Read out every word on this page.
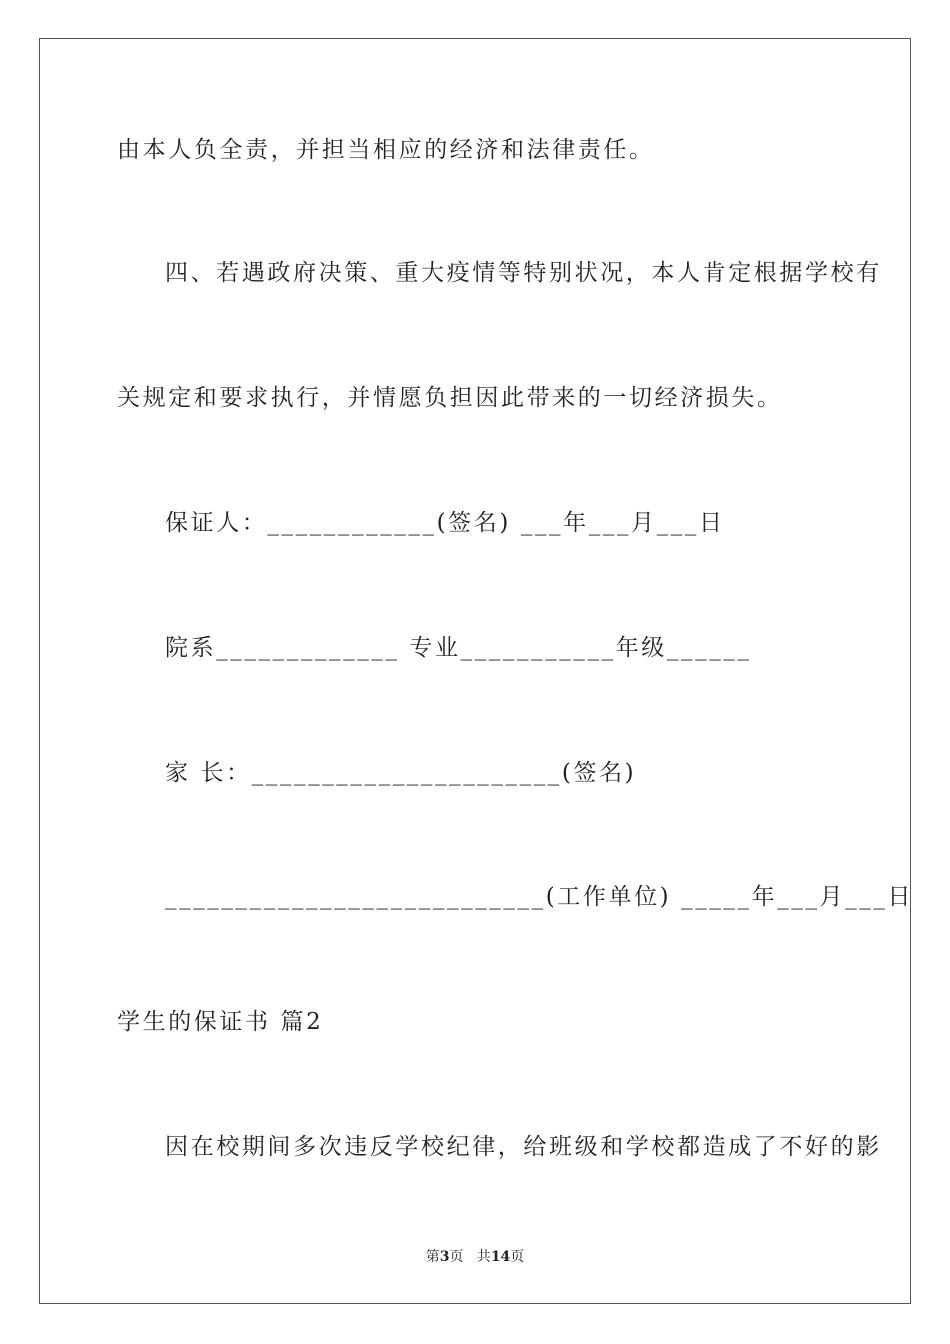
由本人负全责，并担当相应的经济和法律责任。
四、若遇政府决策、重大疫情等特别状况，本人肯定根据学校有
关规定和要求执行，并情愿负担因此带来的一切经济损失。
保证人：____________(签名) ___年___月___日
院系_____________ 专业___________年级______
家 长：______________________(签名)
___________________________(工作单位) _____年___月___日
学生的保证书 篇2
因在校期间多次违反学校纪律，给班级和学校都造成了不好的影
第3页   共14页
